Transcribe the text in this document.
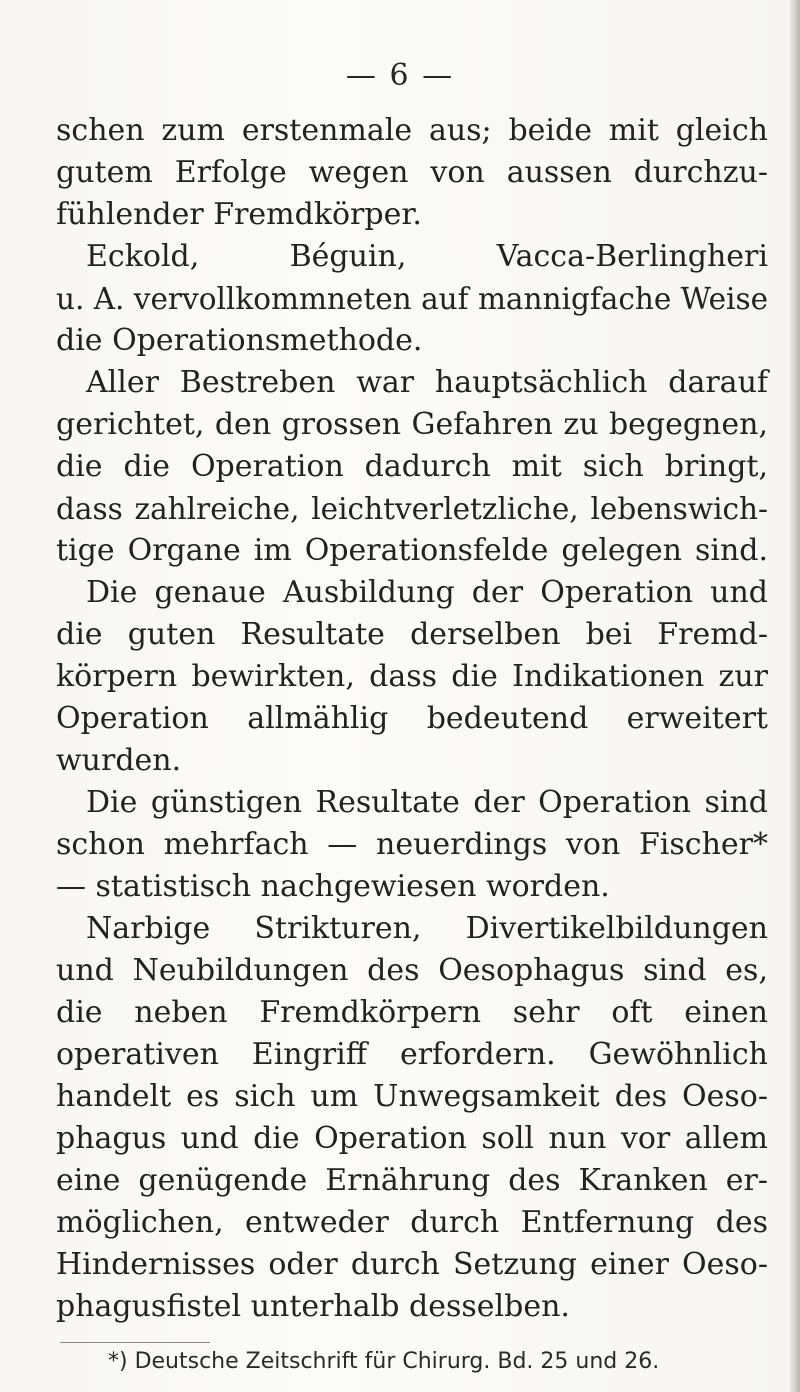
— 6 —
schen zum erstenmale aus; beide mit gleich
gutem Erfolge wegen von aussen durchzu-
fühlender Fremdkörper.
Eckold, Béguin, Vacca-Berlingheri
u. A. vervollkommneten auf mannigfache Weise
die Operationsmethode.
Aller Bestreben war hauptsächlich darauf
gerichtet, den grossen Gefahren zu begegnen,
die die Operation dadurch mit sich bringt,
dass zahlreiche, leichtverletzliche, lebenswich-
tige Organe im Operationsfelde gelegen sind.
Die genaue Ausbildung der Operation und
die guten Resultate derselben bei Fremd-
körpern bewirkten, dass die Indikationen zur
Operation allmählig bedeutend erweitert
wurden.
Die günstigen Resultate der Operation sind
schon mehrfach — neuerdings von Fischer*
— statistisch nachgewiesen worden.
Narbige Strikturen, Divertikelbildungen
und Neubildungen des Oesophagus sind es,
die neben Fremdkörpern sehr oft einen
operativen Eingriff erfordern. Gewöhnlich
handelt es sich um Unwegsamkeit des Oeso-
phagus und die Operation soll nun vor allem
eine genügende Ernährung des Kranken er-
möglichen, entweder durch Entfernung des
Hindernisses oder durch Setzung einer Oeso-
phagusfistel unterhalb desselben.
*) Deutsche Zeitschrift für Chirurg. Bd. 25 und 26.
